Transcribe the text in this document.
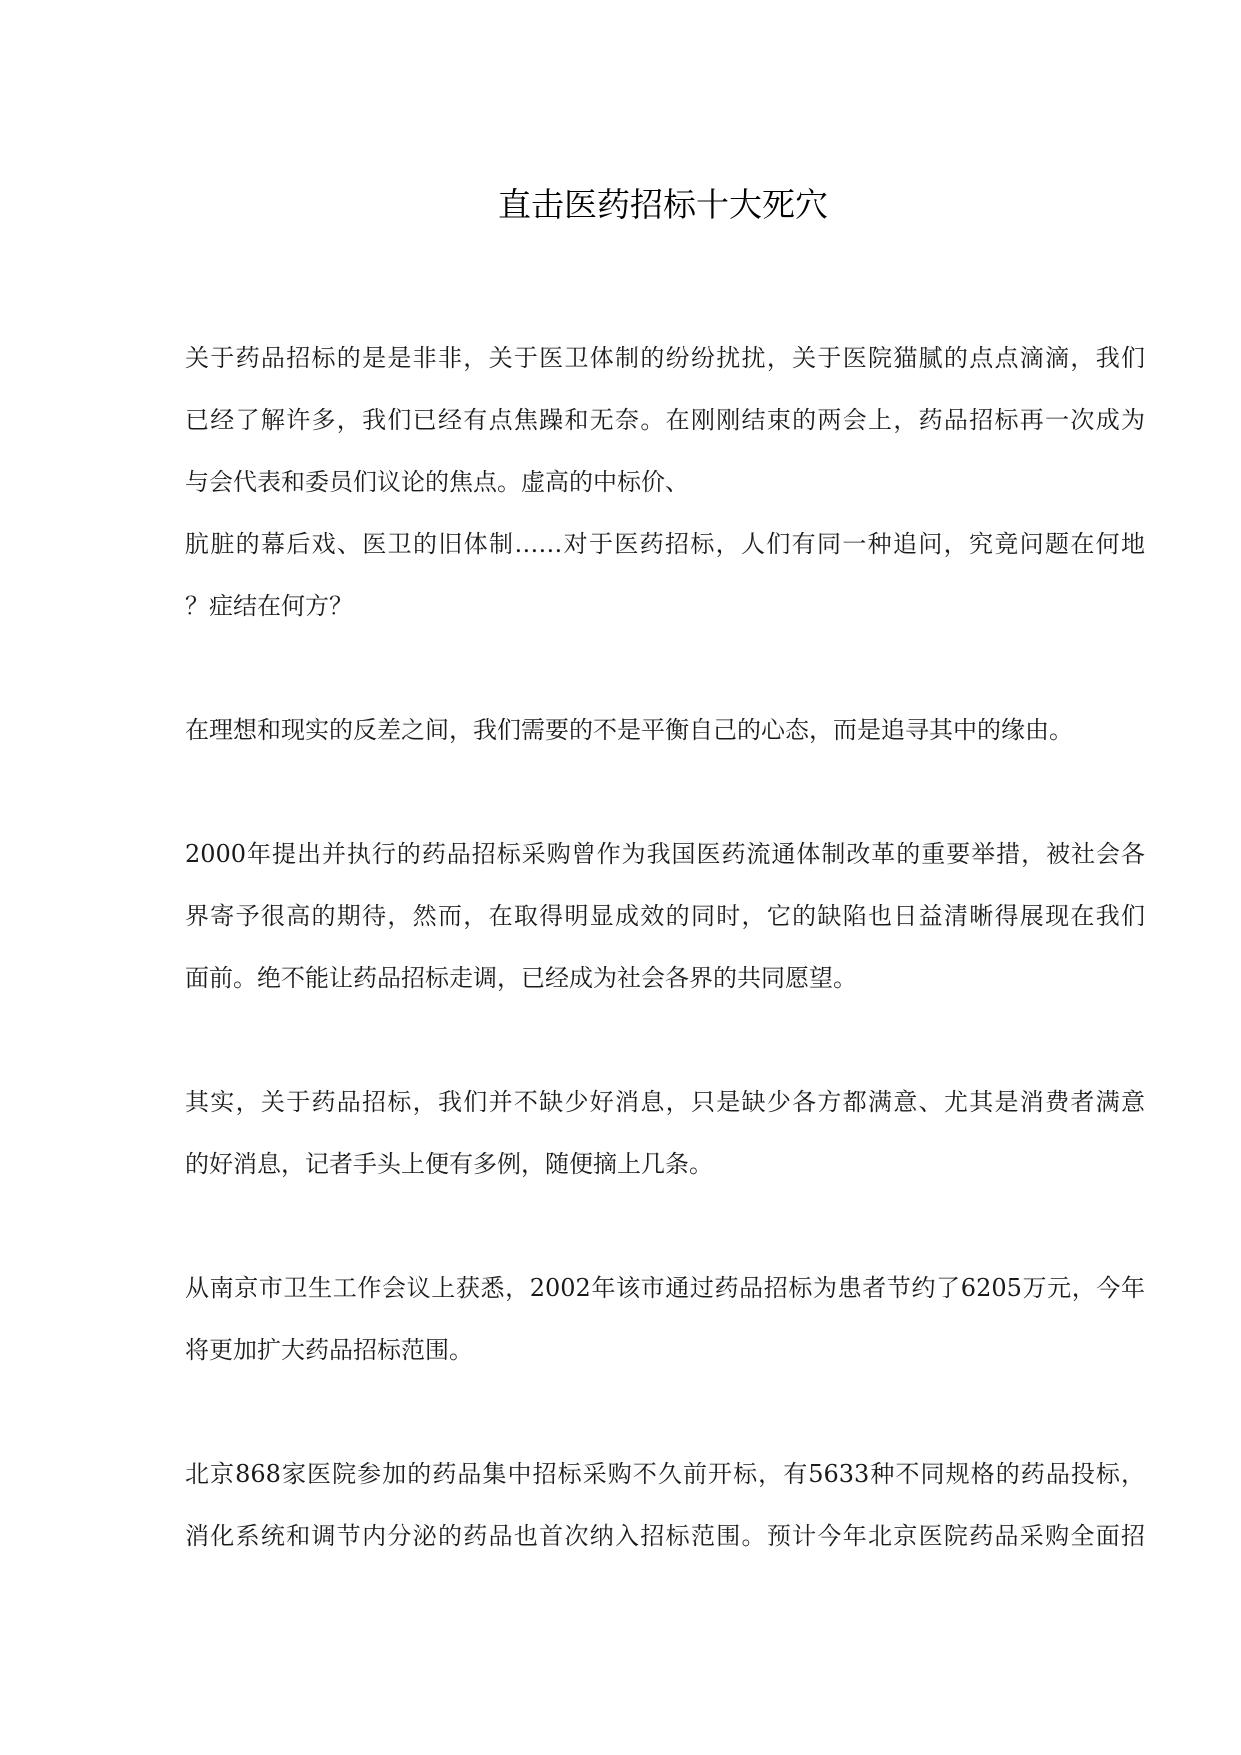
直击医药招标十大死穴
关于药品招标的是是非非，关于医卫体制的纷纷扰扰，关于医院猫腻的点点滴滴，我们
已经了解许多，我们已经有点焦躁和无奈。在刚刚结束的两会上，药品招标再一次成为
与会代表和委员们议论的焦点。虚高的中标价、
肮脏的幕后戏、医卫的旧体制……对于医药招标，人们有同一种追问，究竟问题在何地
？症结在何方？
在理想和现实的反差之间，我们需要的不是平衡自己的心态，而是追寻其中的缘由。
2000年提出并执行的药品招标采购曾作为我国医药流通体制改革的重要举措，被社会各
界寄予很高的期待，然而，在取得明显成效的同时，它的缺陷也日益清晰得展现在我们
面前。绝不能让药品招标走调，已经成为社会各界的共同愿望。
其实，关于药品招标，我们并不缺少好消息，只是缺少各方都满意、尤其是消费者满意
的好消息，记者手头上便有多例，随便摘上几条。
从南京市卫生工作会议上获悉，2002年该市通过药品招标为患者节约了6205万元，今年
将更加扩大药品招标范围。
北京868家医院参加的药品集中招标采购不久前开标，有5633种不同规格的药品投标，
消化系统和调节内分泌的药品也首次纳入招标范围。预计今年北京医院药品采购全面招
